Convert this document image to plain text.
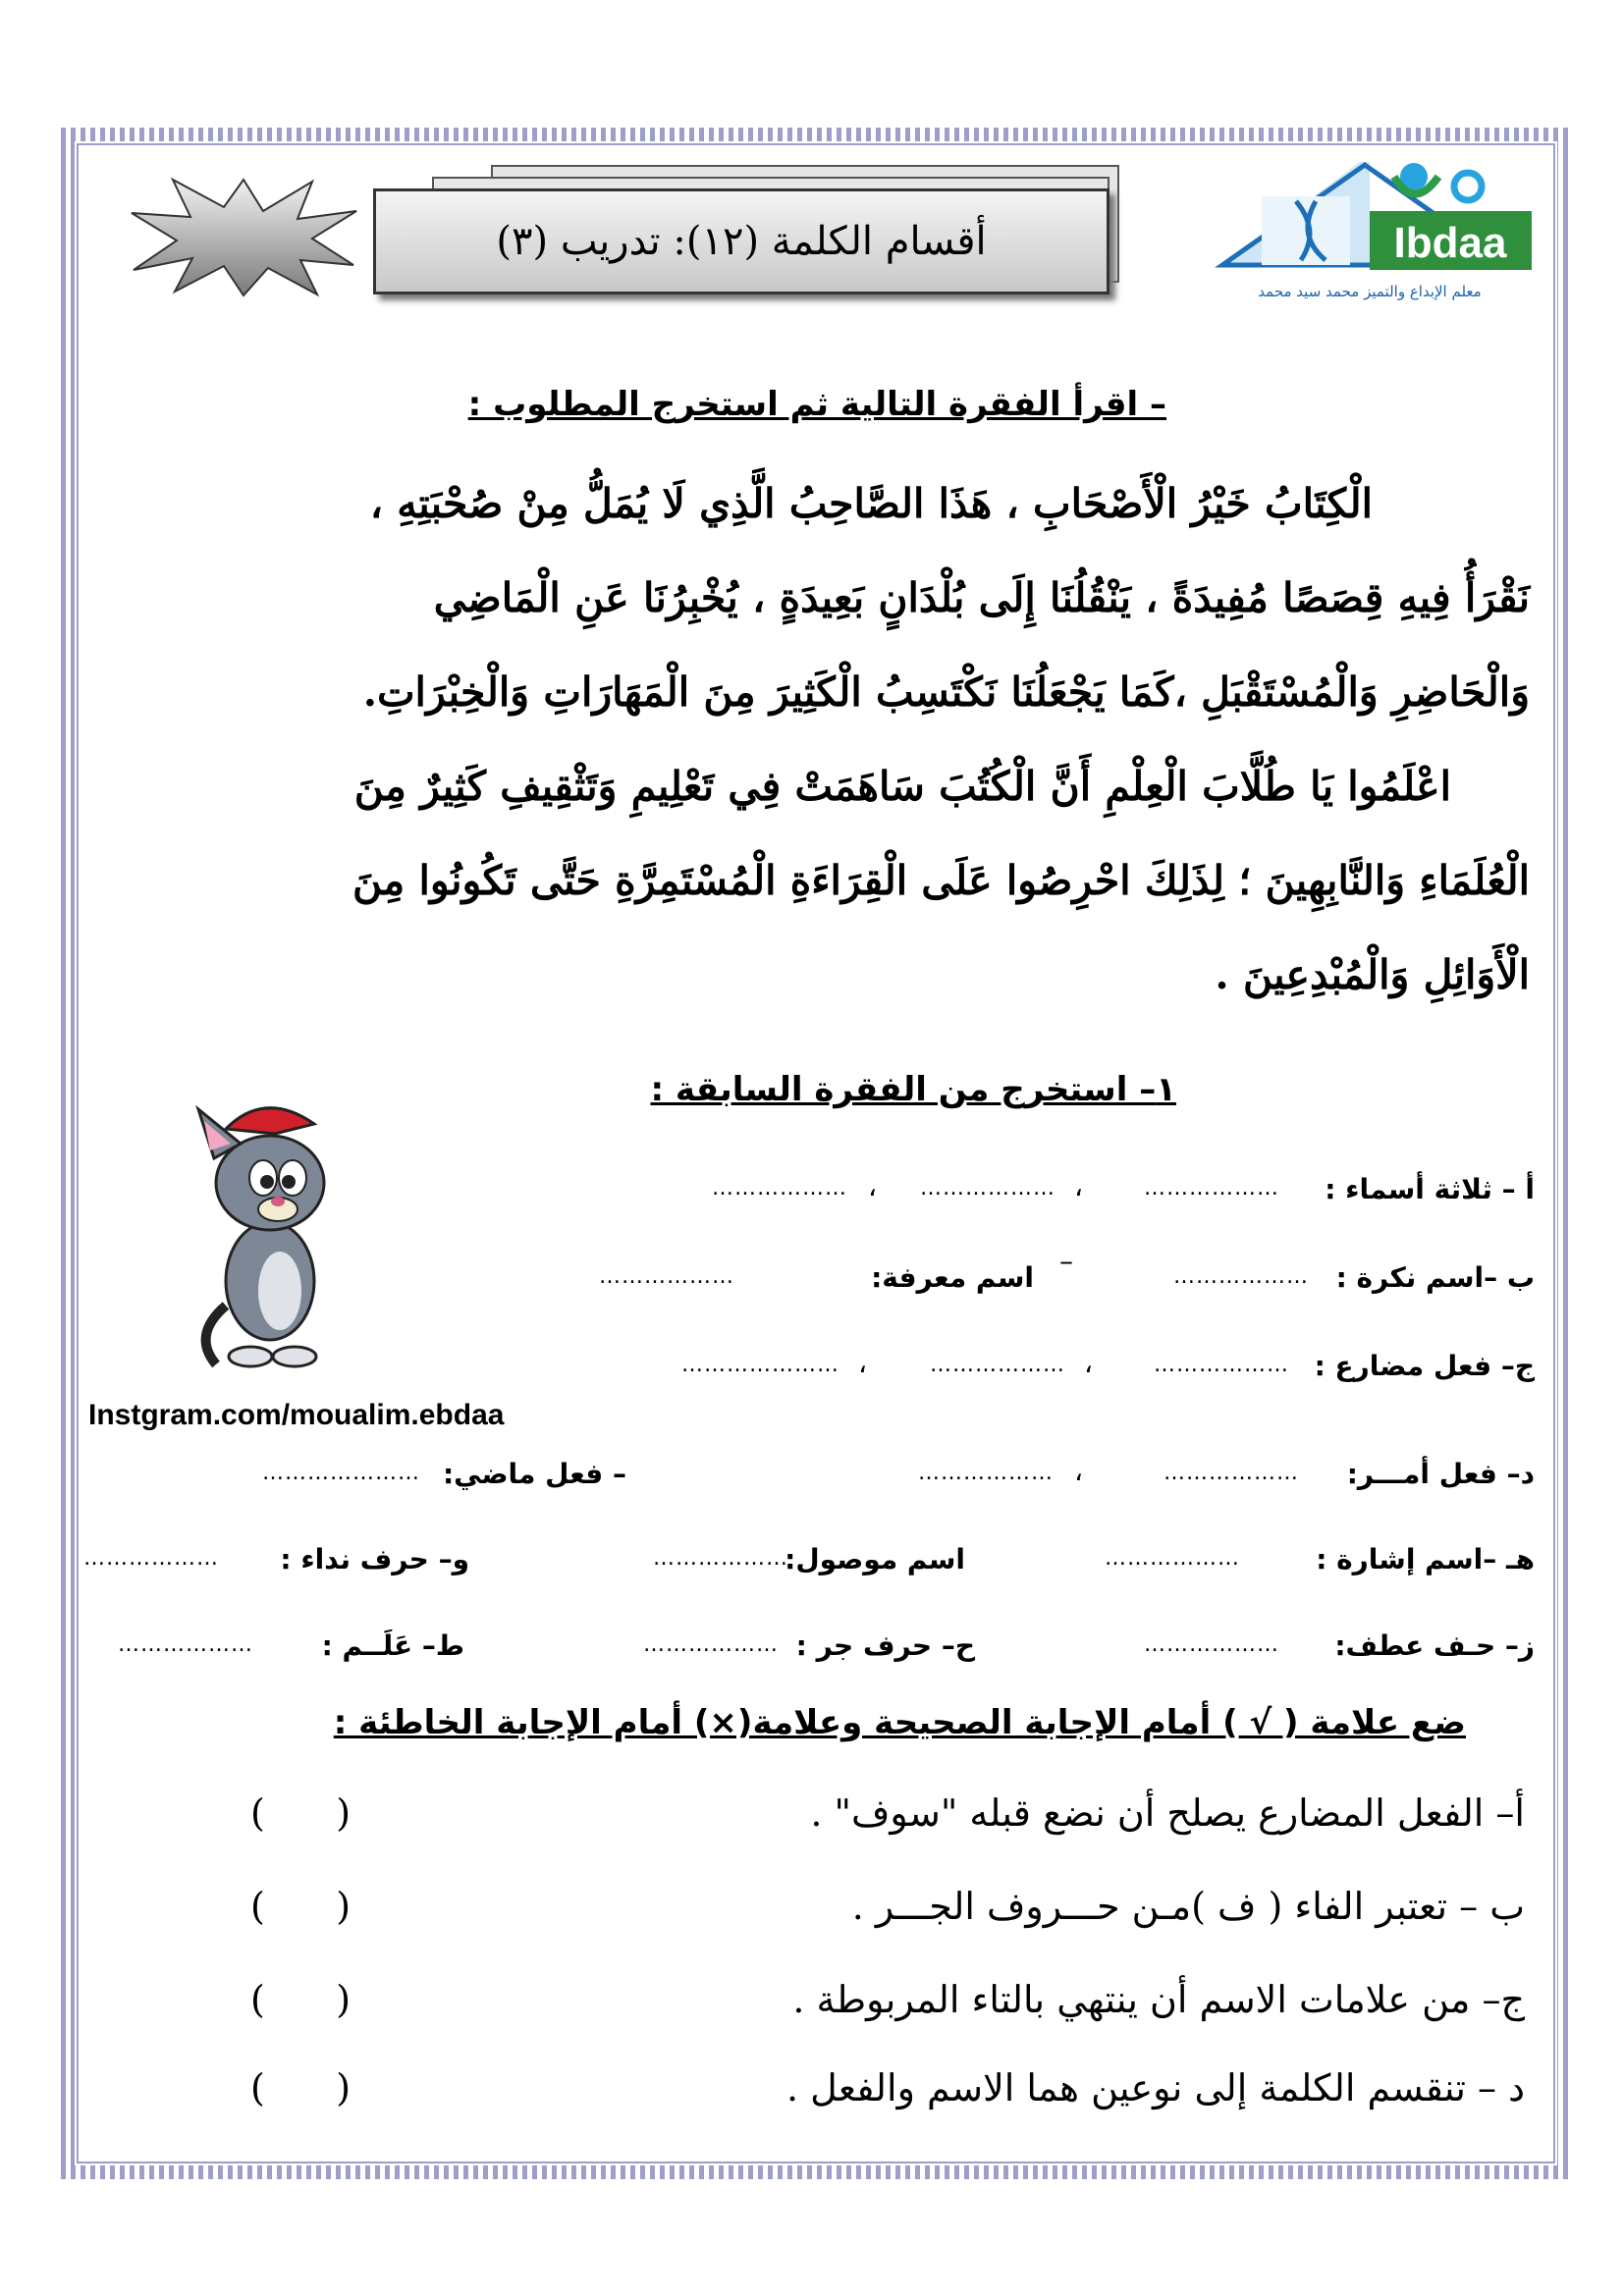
أقسام الكلمة (١٢): تدريب (٣)	Ibdaa
معلم الإبداع والتميز محمد سيد محمد
– اقرأ الفقرة التالية ثم استخرج المطلوب :
الْكِتَابُ خَيْرُ الْأَصْحَابِ ، هَذَا الصَّاحِبُ الَّذِي لَا يُمَلُّ مِنْ صُحْبَتِهِ ،
نَقْرَأُ فِيهِ قِصَصًا مُفِيدَةً ، يَنْقُلُنَا إِلَى بُلْدَانٍ بَعِيدَةٍ ، يُخْبِرُنَا عَنِ الْمَاضِي
وَالْحَاضِرِ وَالْمُسْتَقْبَلِ ،كَمَا يَجْعَلُنَا نَكْتَسِبُ الْكَثِيرَ مِنَ الْمَهَارَاتِ وَالْخِبْرَاتِ.
اعْلَمُوا يَا طُلَّابَ الْعِلْمِ أَنَّ الْكُتُبَ سَاهَمَتْ فِي تَعْلِيمِ وَتَثْقِيفِ كَثِيرٌ مِنَ
الْعُلَمَاءِ وَالنَّابِهِينَ ؛ لِذَلِكَ احْرِصُوا عَلَى الْقِرَاءَةِ الْمُسْتَمِرَّةِ حَتَّى تَكُونُوا مِنَ
الْأَوَائِلِ وَالْمُبْدِعِينَ .
١– استخرج من الفقرة السابقة :
أ – ثلاثة أسماء :
………………
،
………………
،
………………
ب –اسم نكرة :
………………
–
اسم معرفة:
………………
ج– فعل مضارع :
………………
،
………………
،
…………………
Instgram.com/moualim.ebdaa
د– فعل أمـــر:
………………
،
………………
– فعل ماضي:
…………………
هـ –اسم إشارة :
………………
اسم موصول:
………………
و– حرف نداء :
………………
ز– حـف عطف:
………………
ح– حرف جر :
………………
ط– عَلَــم :
………………
ضع علامة ( √ ) أمام الإجابة الصحيحة وعلامة(×) أمام الإجابة الخاطئة :
أ– الفعل المضارع يصلح أن نضع قبله "سوف" .
(      )
ب – تعتبر الفاء ( ف )مـن حـــروف الجـــر .
(      )
ج– من علامات الاسم أن ينتهي بالتاء المربوطة .
(      )
د – تنقسم الكلمة إلى نوعين هما الاسم والفعل .
(      )
